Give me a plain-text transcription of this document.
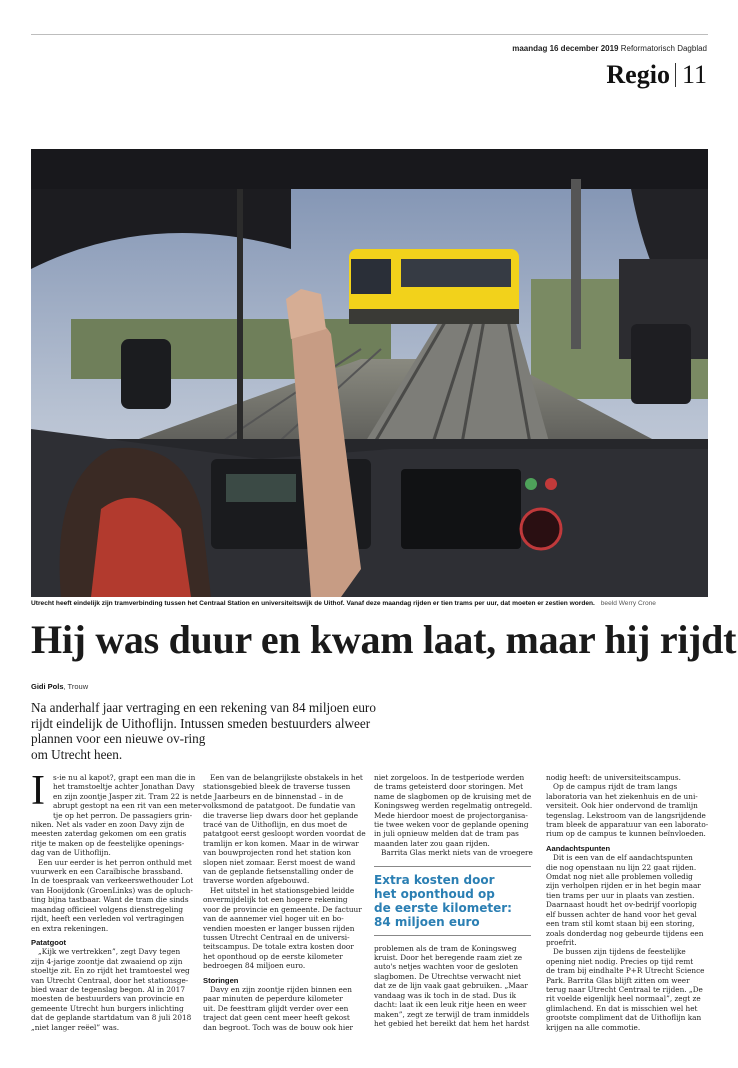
maandag 16 december 2019 Reformatorisch Dagblad
Regio 11
Utrecht heeft eindelijk zijn tramverbinding tussen het Centraal Station en universiteitswijk de Uithof. Vanaf deze maandag rijden er tien trams per uur, dat moeten er zestien worden. beeld Werry Crone
Hij was duur en kwam laat, maar hij rijdt
Gidi Pols, Trouw
Na anderhalf jaar vertraging en een rekening van 84 miljoen euro
rijdt eindelijk de Uithoflijn. Intussen smeden bestuurders alweer
plannen voor een nieuwe ov-ring
om Utrecht heen.
I	s-ie nu al kapot?, grapt een man die in
het tramstoeltje achter Jonathan Davy
en zijn zoontje Jasper zit. Tram 22 is net
abrupt gestopt na een rit van een meter-
tje op het perron. De passagiers grin-
niken. Net als vader en zoon Davy zijn de
meesten zaterdag gekomen om een gratis
ritje te maken op de feestelijke openings-
dag van de Uithoflijn.
Een uur eerder is het perron onthuld met
vuurwerk en een Caraïbische brassband.
In de toespraak van verkeerswethouder Lot
van Hooijdonk (GroenLinks) was de opluch-
ting bijna tastbaar. Want de tram die sinds
maandag officieel volgens dienstregeling
rijdt, heeft een verleden vol vertragingen
en extra rekeningen.
Patatgoot
„Kijk we vertrekken”, zegt Davy tegen
zijn 4-jarige zoontje dat zwaaiend op zijn
stoeltje zit. En zo rijdt het tramtoestel weg
van Utrecht Centraal, door het stationsge-
bied waar de tegenslag begon. Al in 2017
moesten de bestuurders van provincie en
gemeente Utrecht hun burgers inlichting
dat de geplande startdatum van 8 juli 2018
„niet langer reëel” was.
Een van de belangrijkste obstakels in het
stationsgebied bleek de traverse tussen
de Jaarbeurs en de binnenstad – in de
volksmond de patatgoot. De fundatie van
die traverse liep dwars door het geplande
tracé van de Uithoflijn, en dus moet de
patatgoot eerst gesloopt worden voordat de
tramlijn er kon komen. Maar in de wirwar
van bouwprojecten rond het station kon
slopen niet zomaar. Eerst moest de wand
van de geplande fietsenstalling onder de
traverse worden afgebouwd.
Het uitstel in het stationsgebied leidde
onvermijdelijk tot een hogere rekening
voor de provincie en gemeente. De factuur
van de aannemer viel hoger uit en bo-
vendien moesten er langer bussen rijden
tussen Utrecht Centraal en de universi-
teitscampus. De totale extra kosten door
het oponthoud op de eerste kilometer
bedroegen 84 miljoen euro.
Storingen
Davy en zijn zoontje rijden binnen een
paar minuten de peperdure kilometer
uit. De feesttram glijdt verder over een
traject dat geen cent meer heeft gekost
dan begroot. Toch was de bouw ook hier
niet zorgeloos. In de testperiode werden
de trams geteisterd door storingen. Met
name de slagbomen op de kruising met de
Koningsweg werden regelmatig ontregeld.
Mede hierdoor moest de projectorganisa-
tie twee weken voor de geplande opening
in juli opnieuw melden dat de tram pas
maanden later zou gaan rijden.
Barrita Glas merkt niets van de vroegere
Extra kosten door
het oponthoud op
de eerste kilometer:
84 miljoen euro
problemen als de tram de Koningsweg
kruist. Door het beregende raam ziet ze
auto's netjes wachten voor de gesloten
slagbomen. De Utrechtse verwacht niet
dat ze de lijn vaak gaat gebruiken. „Maar
vandaag was ik toch in de stad. Dus ik
dacht: laat ik een leuk ritje heen en weer
maken”, zegt ze terwijl de tram inmiddels
het gebied het bereikt dat hem het hardst
nodig heeft: de universiteitscampus.
Op de campus rijdt de tram langs
laboratoria van het ziekenhuis en de uni-
versiteit. Ook hier ondervond de tramlijn
tegenslag. Lekstroom van de langsrijdende
tram bleek de apparatuur van een laborato-
rium op de campus te kunnen beïnvloeden.
Aandachtspunten
Dit is een van de elf aandachtspunten
die nog openstaan nu lijn 22 gaat rijden.
Omdat nog niet alle problemen volledig
zijn verholpen rijden er in het begin maar
tien trams per uur in plaats van zestien.
Daarnaast houdt het ov-bedrijf voorlopig
elf bussen achter de hand voor het geval
een tram stil komt staan bij een storing,
zoals donderdag nog gebeurde tijdens een
proefrit.
De bussen zijn tijdens de feestelijke
opening niet nodig. Precies op tijd remt
de tram bij eindhalte P+R Utrecht Science
Park. Barrita Glas blijft zitten om weer
terug naar Utrecht Centraal te rijden. „De
rit voelde eigenlijk heel normaal”, zegt ze
glimlachend. En dat is misschien wel het
grootste compliment dat de Uithoflijn kan
krijgen na alle commotie.
